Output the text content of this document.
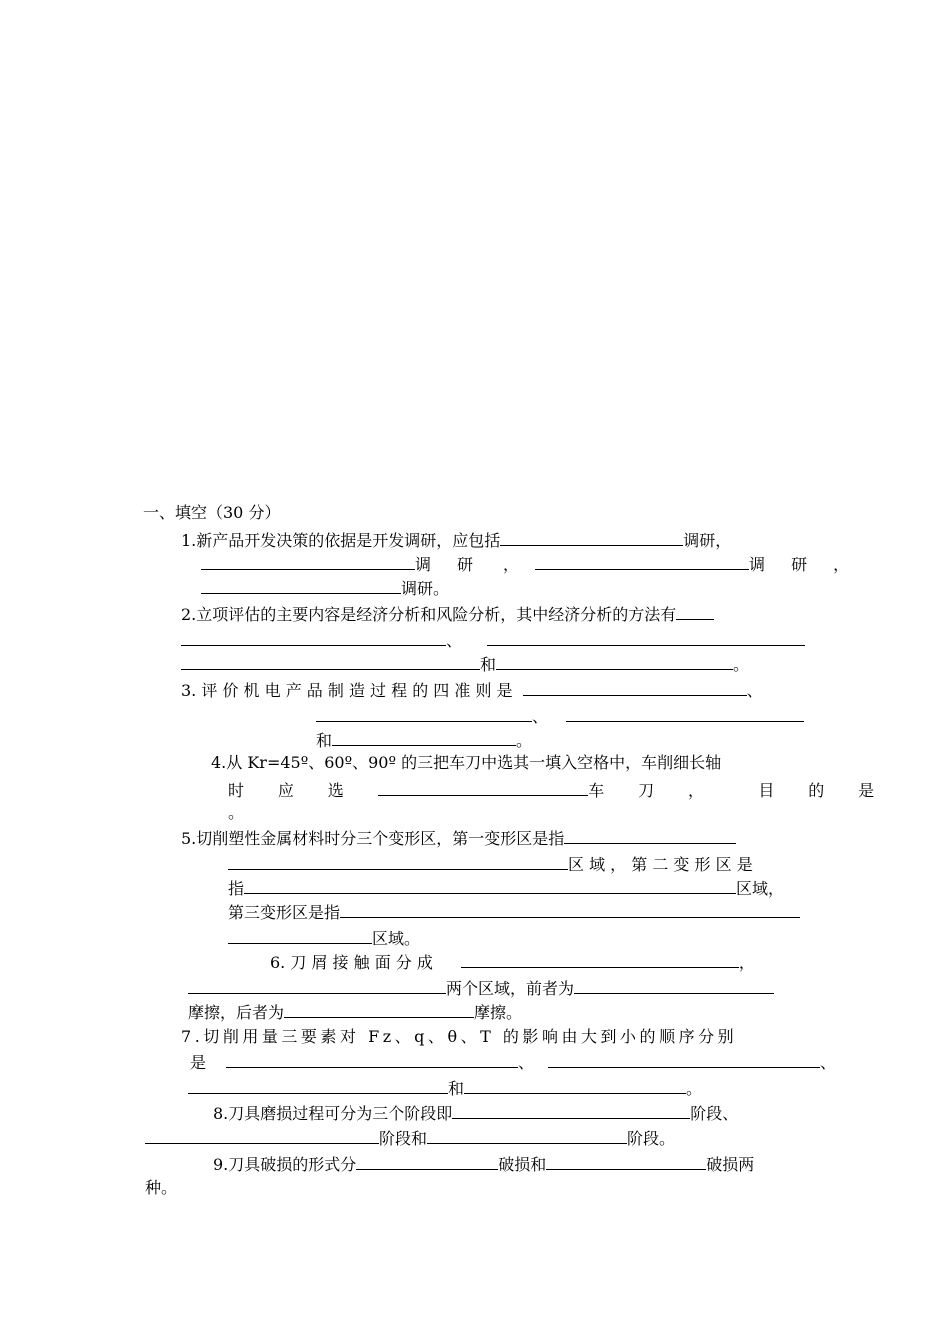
一、填空（30 分）
1.新产品开发决策的依据是开发调研，应包括	调研，
调 研 ，	调 研 ，
调研。
2.立项评估的主要内容是经济分析和风险分析，其中经济分析的方法有
、
和	。
3. 评 价 机 电 产 品 制 造 过 程 的 四 准 则 是	、
、
和	。
4.从 Kr=45º、60º、90º 的三把车刀中选其一填入空格中，车削细长轴
时 应 选	车 刀 ，	目 的 是
。
5.切削塑性金属材料时分三个变形区，第一变形区是指
区 域 ， 第 二 变 形 区 是
指	区域，
第三变形区是指
区域。
6. 刀 屑 接 触 面 分 成	，
两个区域，前者为
摩擦，后者为	摩擦。
7.切削用量三要素对 Fz、q、θ、T 的影响由大到小的顺序分别
是	、	、
和	。
8.刀具磨损过程可分为三个阶段即	阶段、
阶段和	阶段。
9.刀具破损的形式分	破损和	破损两
种。
